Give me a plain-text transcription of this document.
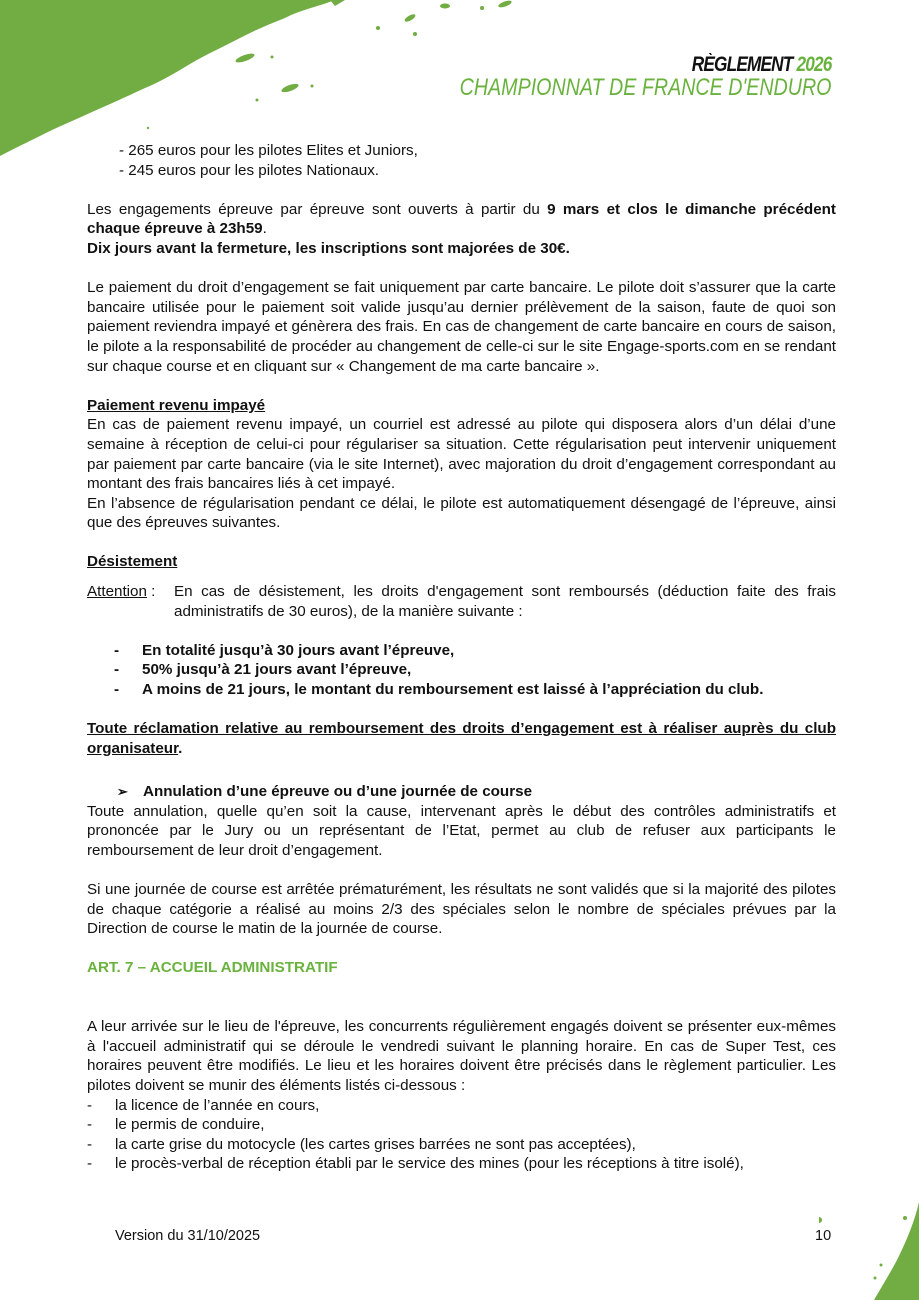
RÈGLEMENT 2026
CHAMPIONNAT DE FRANCE D'ENDURO

- 265 euros pour les pilotes Elites et Juniors,

- 245 euros pour les pilotes Nationaux.

Les engagements épreuve par épreuve sont ouverts à partir du 9 mars et clos le dimanche précédent chaque épreuve à 23h59.

Dix jours avant la fermeture, les inscriptions sont majorées de 30€.

Le paiement du droit d’engagement se fait uniquement par carte bancaire. Le pilote doit s’assurer que la carte bancaire utilisée pour le paiement soit valide jusqu’au dernier prélèvement de la saison, faute de quoi son paiement reviendra impayé et génèrera des frais. En cas de changement de carte bancaire en cours de saison, le pilote a la responsabilité de procéder au changement de celle-ci sur le site Engage-sports.com en se rendant sur chaque course et en cliquant sur « Changement de ma carte bancaire ».

Paiement revenu impayé

En cas de paiement revenu impayé, un courriel est adressé au pilote qui disposera alors d’un délai d’une semaine à réception de celui-ci pour régulariser sa situation. Cette régularisation peut intervenir uniquement par paiement par carte bancaire (via le site Internet), avec majoration du droit d’engagement correspondant au montant des frais bancaires liés à cet impayé.

En l’absence de régularisation pendant ce délai, le pilote est automatiquement désengagé de l’épreuve, ainsi que des épreuves suivantes.

Désistement

Attention :	En cas de désistement, les droits d'engagement sont remboursés (déduction faite des frais administratifs de 30 euros), de la manière suivante :
-	En totalité jusqu’à 30 jours avant l’épreuve,
-	50% jusqu’à 21 jours avant l’épreuve,
-	A moins de 21 jours, le montant du remboursement est laissé à l’appréciation du club.

Toute réclamation relative au remboursement des droits d’engagement est à réaliser auprès du club organisateur.

➢ Annulation d’une épreuve ou d’une journée de course

Toute annulation, quelle qu’en soit la cause, intervenant après le début des contrôles administratifs et prononcée par le Jury ou un représentant de l’Etat, permet au club de refuser aux participants le remboursement de leur droit d’engagement.

Si une journée de course est arrêtée prématurément, les résultats ne sont validés que si la majorité des pilotes de chaque catégorie a réalisé au moins 2/3 des spéciales selon le nombre de spéciales prévues par la Direction de course le matin de la journée de course.

ART. 7 – ACCUEIL ADMINISTRATIF

A leur arrivée sur le lieu de l'épreuve, les concurrents régulièrement engagés doivent se présenter eux-mêmes à l'accueil administratif qui se déroule le vendredi suivant le planning horaire. En cas de Super Test, ces horaires peuvent être modifiés. Le lieu et les horaires doivent être précisés dans le règlement particulier. Les pilotes doivent se munir des éléments listés ci-dessous :

-	la licence de l’année en cours,
-	le permis de conduire,
-	la carte grise du motocycle (les cartes grises barrées ne sont pas acceptées),
-	le procès-verbal de réception établi par le service des mines (pour les réceptions à titre isolé),
Version du 31/10/2025	10
